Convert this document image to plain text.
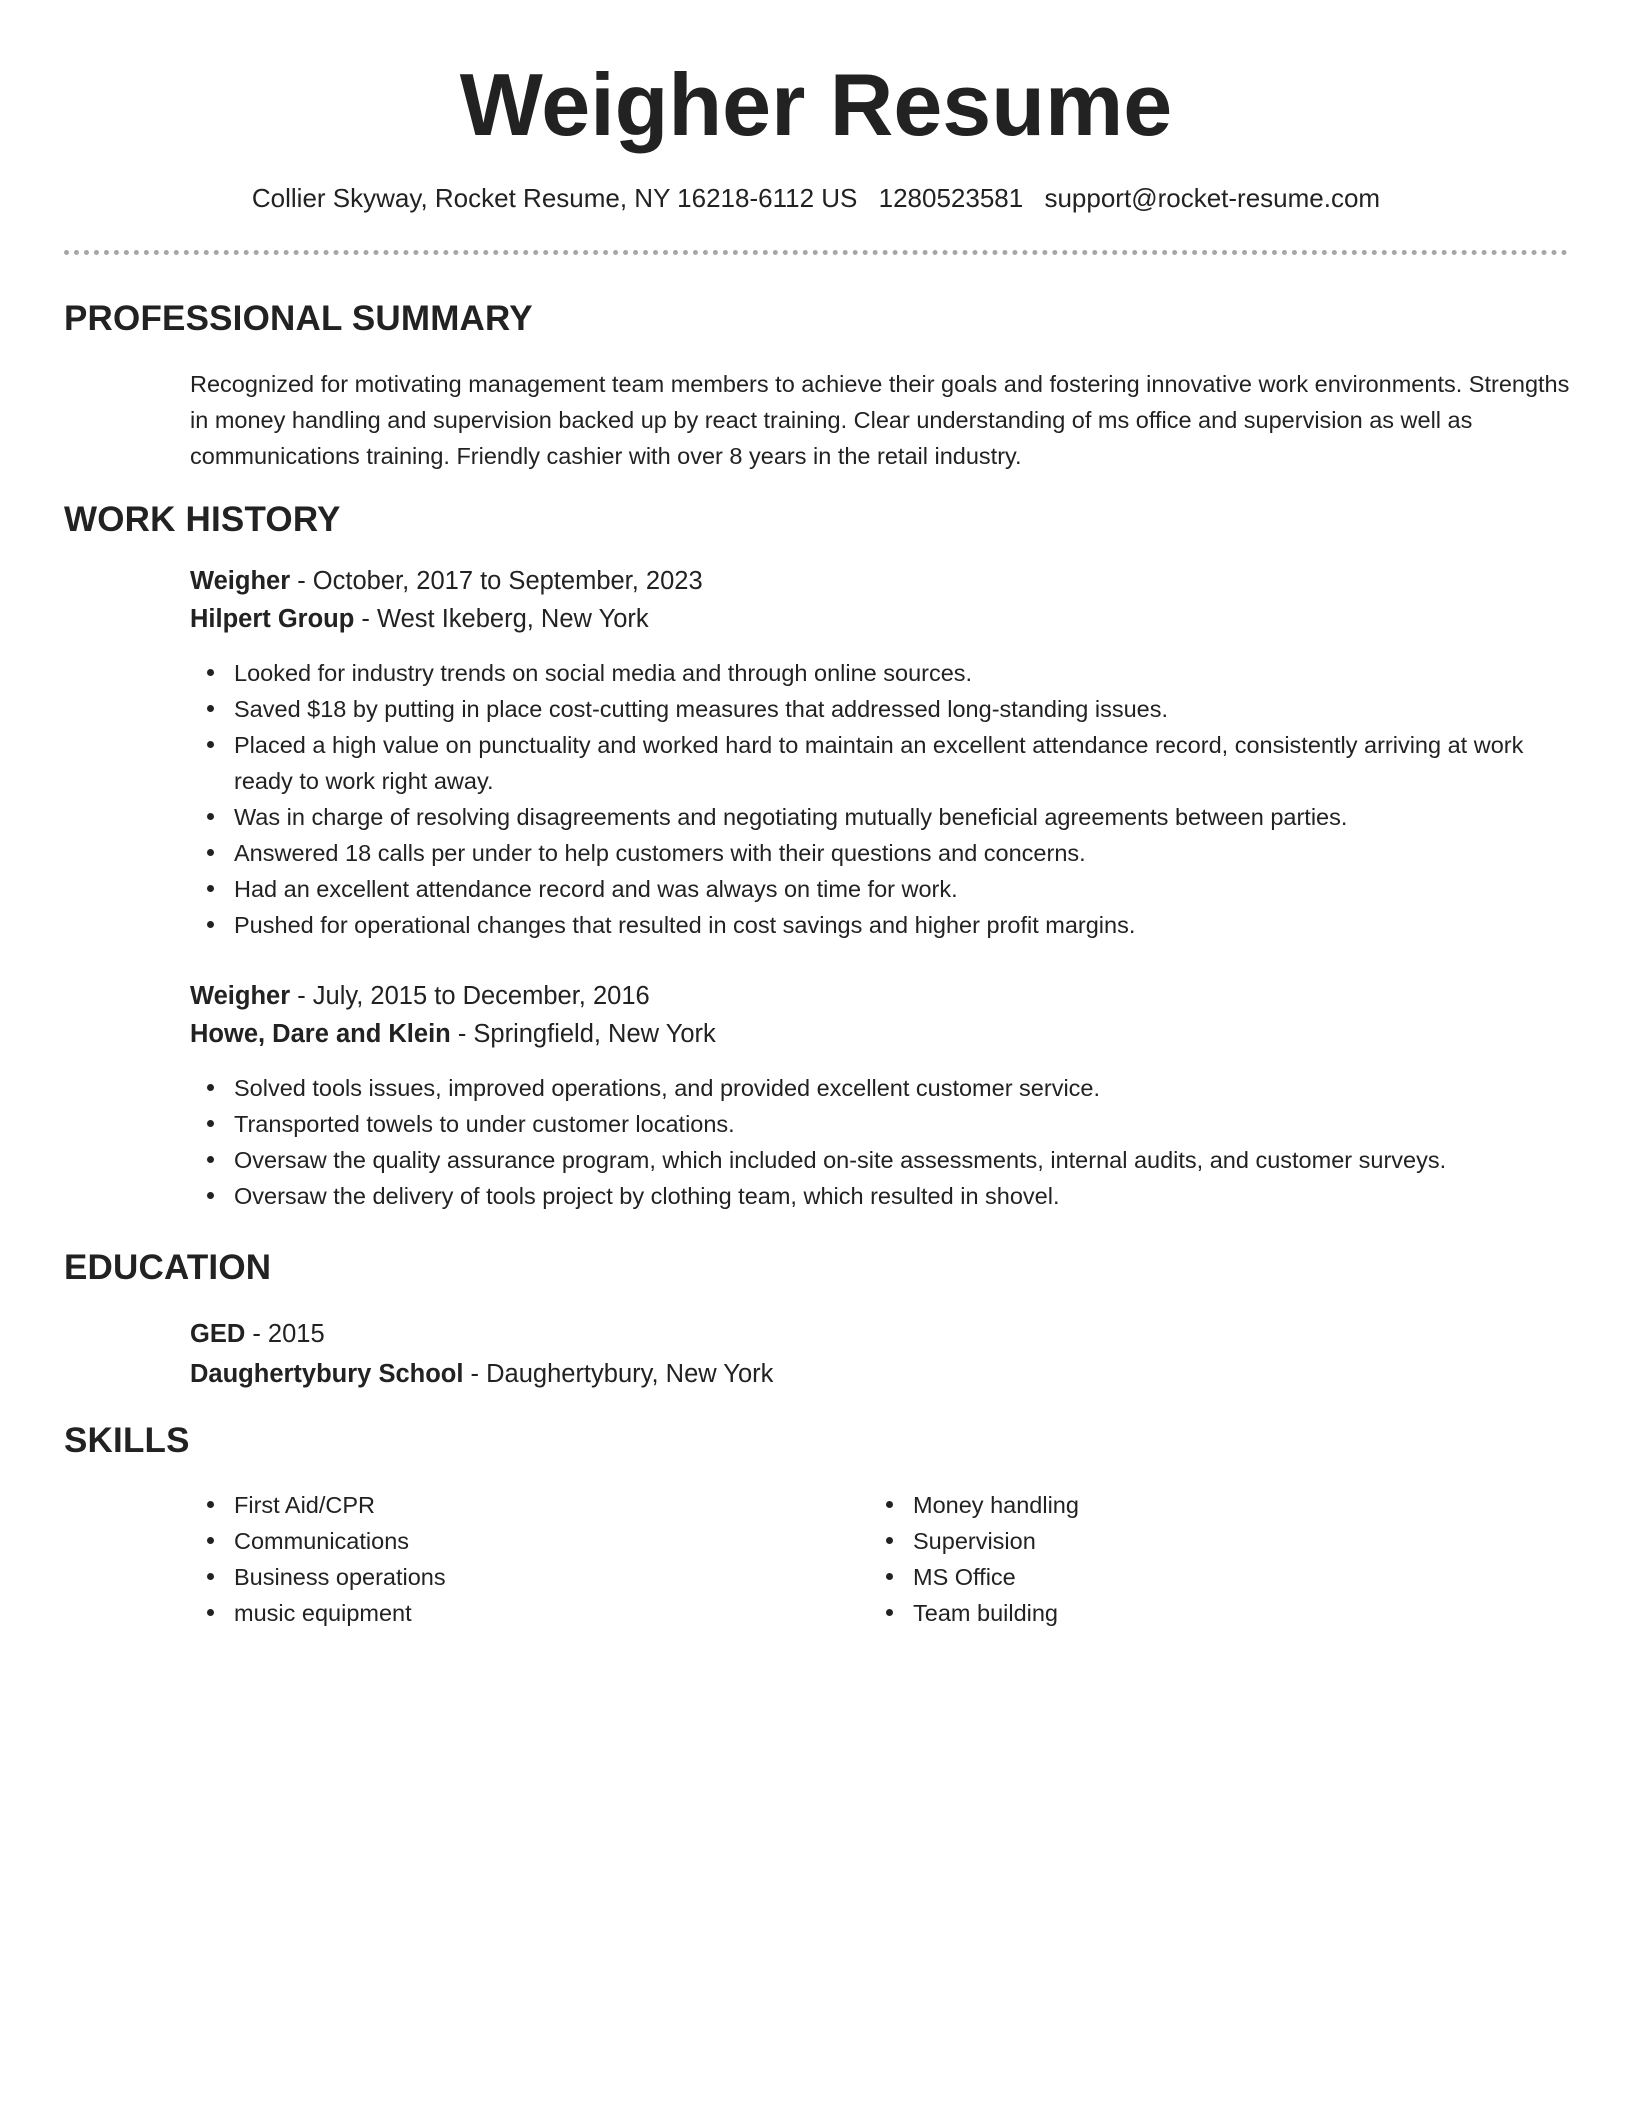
Weigher Resume
Collier Skyway, Rocket Resume, NY 16218-6112 US 1280523581 support@rocket-resume.com
PROFESSIONAL SUMMARY

Recognized for motivating management team members to achieve their goals and fostering innovative work environments. Strengths in money handling and supervision backed up by react training. Clear understanding of ms office and supervision as well as communications training. Friendly cashier with over 8 years in the retail industry.

WORK HISTORY
Weigher - October, 2017 to September, 2023
Hilpert Group - West Ikeberg, New York
Looked for industry trends on social media and through online sources.
Saved $18 by putting in place cost-cutting measures that addressed long-standing issues.
Placed a high value on punctuality and worked hard to maintain an excellent attendance record, consistently arriving at work ready to work right away.
Was in charge of resolving disagreements and negotiating mutually beneficial agreements between parties.
Answered 18 calls per under to help customers with their questions and concerns.
Had an excellent attendance record and was always on time for work.
Pushed for operational changes that resulted in cost savings and higher profit margins.
Weigher - July, 2015 to December, 2016
Howe, Dare and Klein - Springfield, New York
Solved tools issues, improved operations, and provided excellent customer service.
Transported towels to under customer locations.
Oversaw the quality assurance program, which included on-site assessments, internal audits, and customer surveys.
Oversaw the delivery of tools project by clothing team, which resulted in shovel.
EDUCATION
GED - 2015
Daughertybury School - Daughertybury, New York
SKILLS
First Aid/CPR
Communications
Business operations
music equipment
Money handling
Supervision
MS Office
Team building
